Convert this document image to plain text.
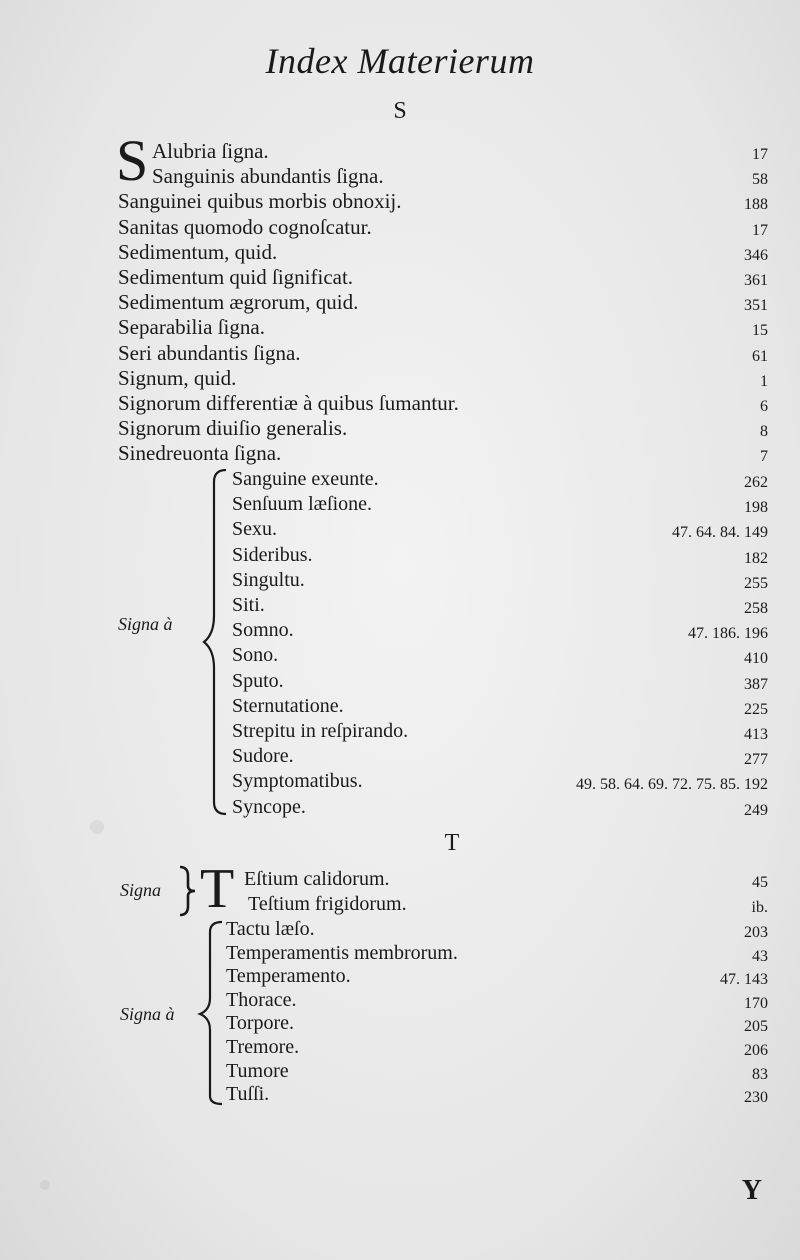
Index Materierum
S
S Alubria ſigna.	17
Sanguinis abundantis ſigna.	58
Sanguinei quibus morbis obnoxij.	188
Sanitas quomodo cognoſcatur.	17
Sedimentum, quid.	346
Sedimentum quid ſignificat.	361
Sedimentum ægrorum, quid.	351
Separabilia ſigna.	15
Seri abundantis ſigna.	61
Signum, quid.	1
Signorum differentiæ à quibus ſumantur.	6
Signorum diuiſio generalis.	8
Sinedreuonta ſigna.	7
Signa à
Sanguine exeunte.	262
Senſuum læſione.	198
Sexu.	47. 64. 84. 149
Sideribus.	182
Singultu.	255
Siti.	258
Somno.	47. 186. 196
Sono.	410
Sputo.	387
Sternutatione.	225
Strepitu in reſpirando.	413
Sudore.	277
Symptomatibus.	49. 58. 64. 69. 72. 75. 85. 192
Syncope.	249
T
Signa T Eſtium calidorum.	45
Teſtium frigidorum.	ib.
Signa à
Tactu læſo.	203
Temperamentis membrorum.	43
Temperamento.	47. 143
Thorace.	170
Torpore.	205
Tremore.	206
Tumore	83
Tuſſi.	230
Y
